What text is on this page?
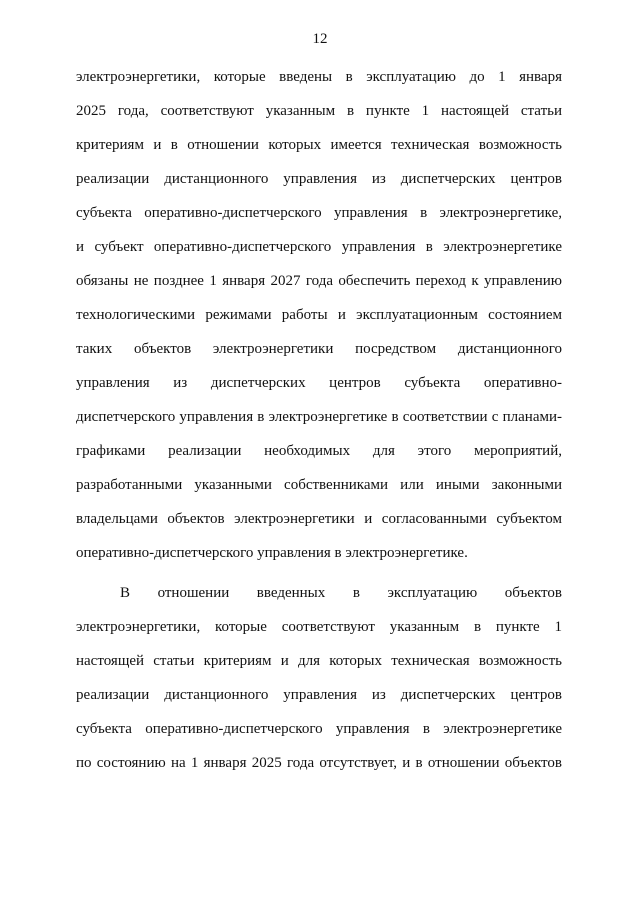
12
электроэнергетики, которые введены в эксплуатацию до 1 января
2025 года, соответствуют указанным в пункте 1 настоящей статьи
критериям и в отношении которых имеется техническая возможность
реализации дистанционного управления из диспетчерских центров
субъекта оперативно-диспетчерского управления в электроэнергетике,
и субъект оперативно-диспетчерского управления в электроэнергетике
обязаны не позднее 1 января 2027 года обеспечить переход к управлению
технологическими режимами работы и эксплуатационным состоянием
таких объектов электроэнергетики посредством дистанционного
управления из диспетчерских центров субъекта оперативно-
диспетчерского управления в электроэнергетике в соответствии с планами-
графиками реализации необходимых для этого мероприятий,
разработанными указанными собственниками или иными законными
владельцами объектов электроэнергетики и согласованными субъектом
оперативно-диспетчерского управления в электроэнергетике.
В отношении введенных в эксплуатацию объектов
электроэнергетики, которые соответствуют указанным в пункте 1
настоящей статьи критериям и для которых техническая возможность
реализации дистанционного управления из диспетчерских центров
субъекта оперативно-диспетчерского управления в электроэнергетике
по состоянию на 1 января 2025 года отсутствует, и в отношении объектов
